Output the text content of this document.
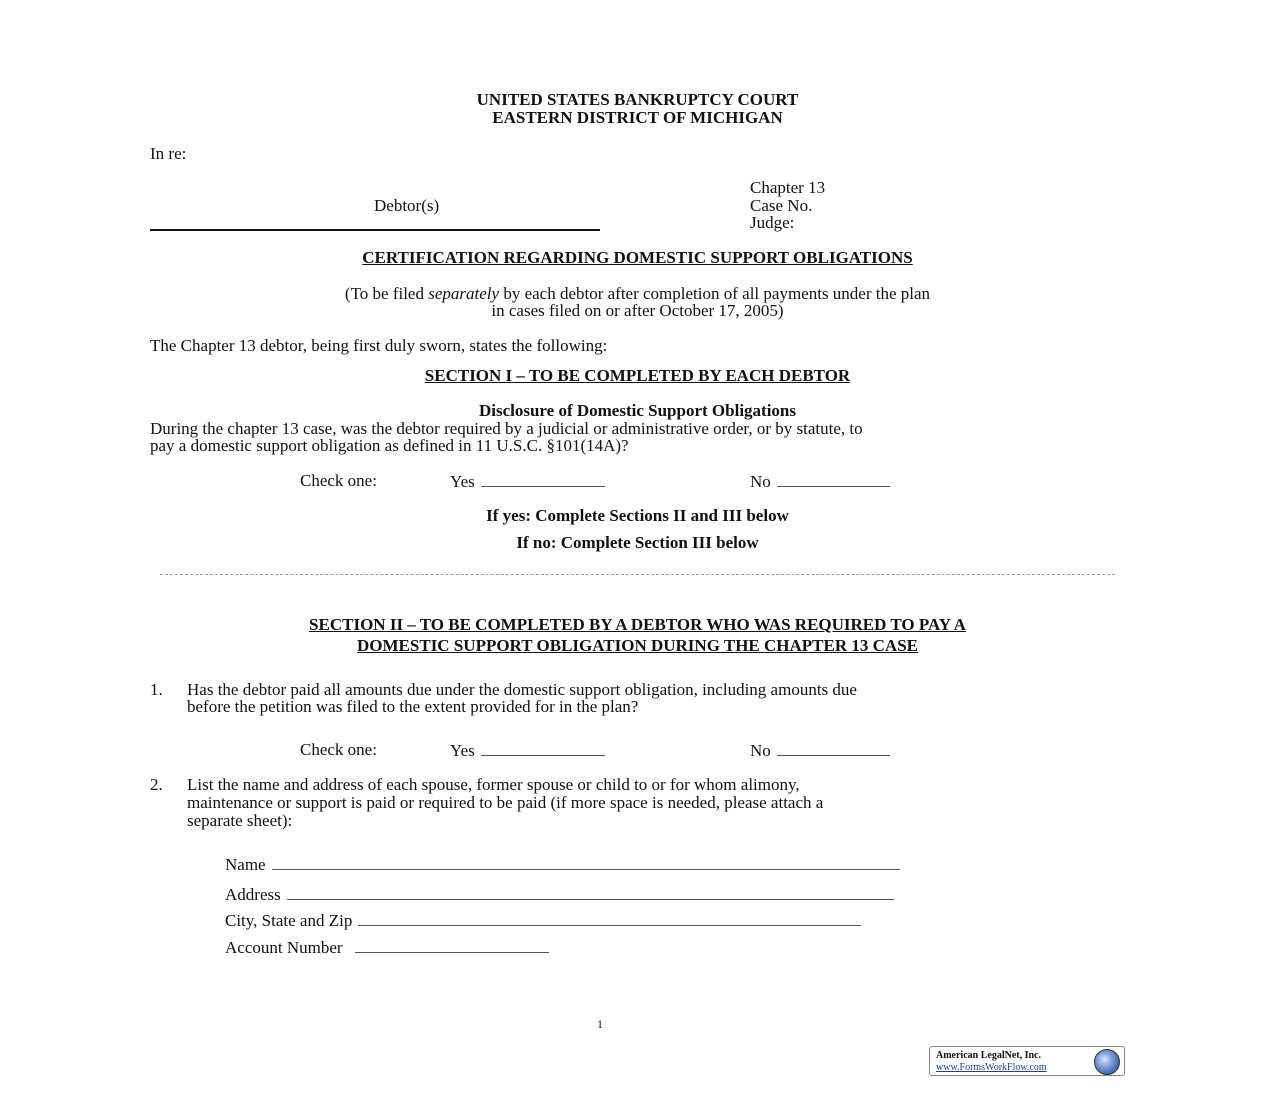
UNITED STATES BANKRUPTCY COURT
EASTERN DISTRICT OF MICHIGAN
In re:
Chapter 13
Debtor(s)	Case No.
Judge:
CERTIFICATION REGARDING DOMESTIC SUPPORT OBLIGATIONS
(To be filed separately by each debtor after completion of all payments under the plan
in cases filed on or after October 17, 2005)
The Chapter 13 debtor, being first duly sworn, states the following:
SECTION I – TO BE COMPLETED BY EACH DEBTOR
Disclosure of Domestic Support Obligations
During the chapter 13 case, was the debtor required by a judicial or administrative order, or by statute, to
pay a domestic support obligation as defined in 11 U.S.C. §101(14A)?
Check one:	Yes	No
If yes: Complete Sections II and III below
If no: Complete Section III below
SECTION II – TO BE COMPLETED BY A DEBTOR WHO WAS REQUIRED TO PAY A
DOMESTIC SUPPORT OBLIGATION DURING THE CHAPTER 13 CASE
1. Has the debtor paid all amounts due under the domestic support obligation, including amounts due
before the petition was filed to the extent provided for in the plan?
Check one:	Yes	No
2. List the name and address of each spouse, former spouse or child to or for whom alimony,
maintenance or support is paid or required to be paid (if more space is needed, please attach a
separate sheet):
Name
Address
City, State and Zip
Account Number
1
American LegalNet, Inc.
www.FormsWorkFlow.com
